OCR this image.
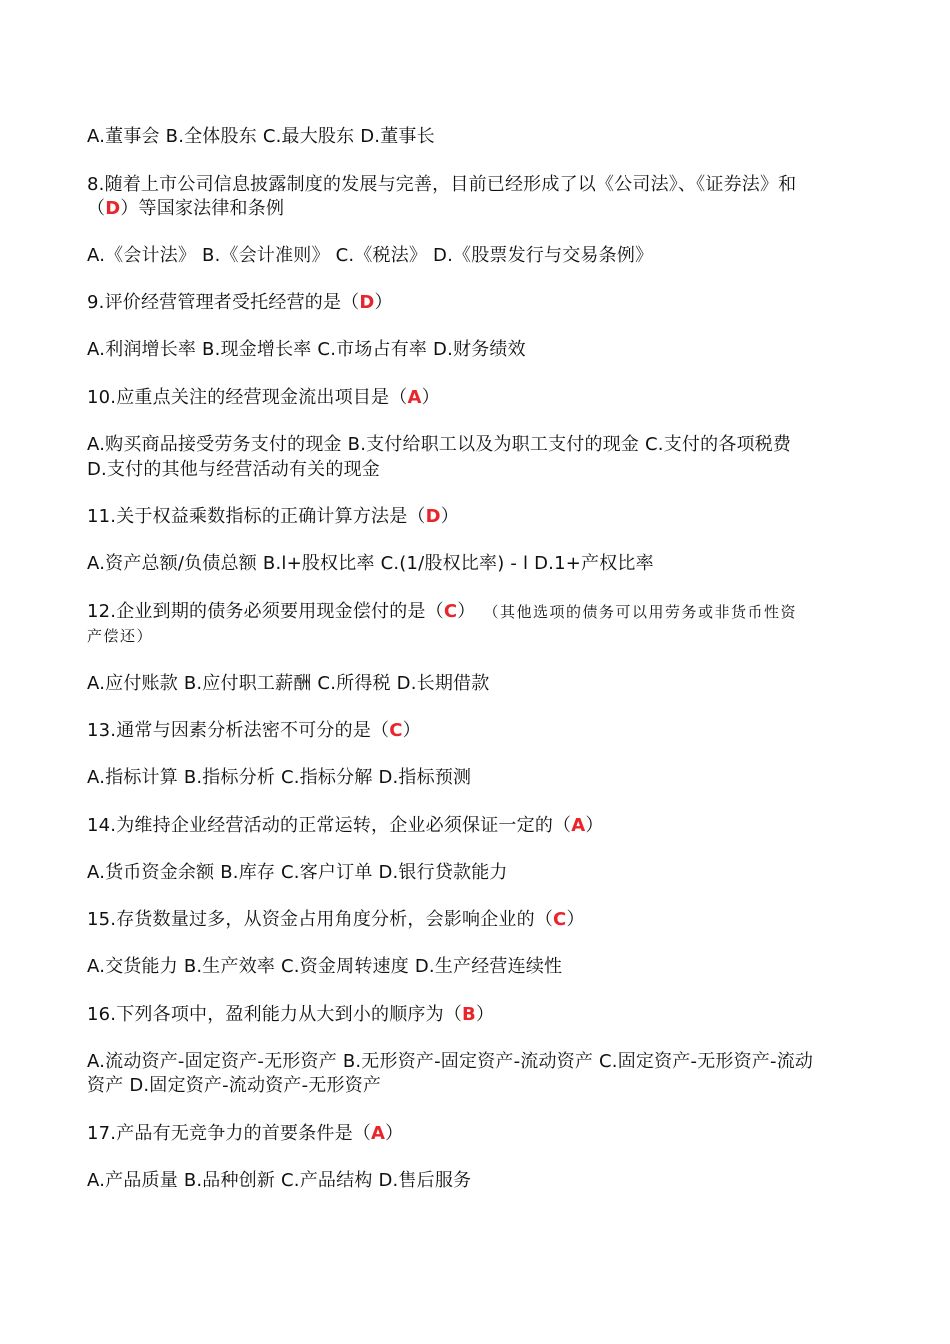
A.董事会 B.全体股东 C.最大股东 D.董事长
8.随着上市公司信息披露制度的发展与完善，目前已经形成了以《公司法》、《证券法》和
（D）等国家法律和条例
A.《会计法》 B.《会计准则》 C.《税法》 D.《股票发行与交易条例》
9.评价经营管理者受托经营的是（D）
A.利润增长率 B.现金增长率 C.市场占有率 D.财务绩效
10.应重点关注的经营现金流出项目是（A）
A.购买商品接受劳务支付的现金 B.支付给职工以及为职工支付的现金 C.支付的各项税费
D.支付的其他与经营活动有关的现金
11.关于权益乘数指标的正确计算方法是（D）
A.资产总额/负债总额 B.l+股权比率 C.(1/股权比率) - l D.1+产权比率
12.企业到期的债务必须要用现金偿付的是（C） （其他选项的债务可以用劳务或非货币性资
产偿还）
A.应付账款 B.应付职工薪酬 C.所得税 D.长期借款
13.通常与因素分析法密不可分的是（C）
A.指标计算 B.指标分析 C.指标分解 D.指标预测
14.为维持企业经营活动的正常运转，企业必须保证一定的（A）
A.货币资金余额 B.库存 C.客户订单 D.银行贷款能力
15.存货数量过多，从资金占用角度分析，会影响企业的（C）
A.交货能力 B.生产效率 C.资金周转速度 D.生产经营连续性
16.下列各项中，盈利能力从大到小的顺序为（B）
A.流动资产-固定资产-无形资产 B.无形资产-固定资产-流动资产 C.固定资产-无形资产-流动
资产 D.固定资产-流动资产-无形资产
17.产品有无竞争力的首要条件是（A）
A.产品质量 B.品种创新 C.产品结构 D.售后服务
